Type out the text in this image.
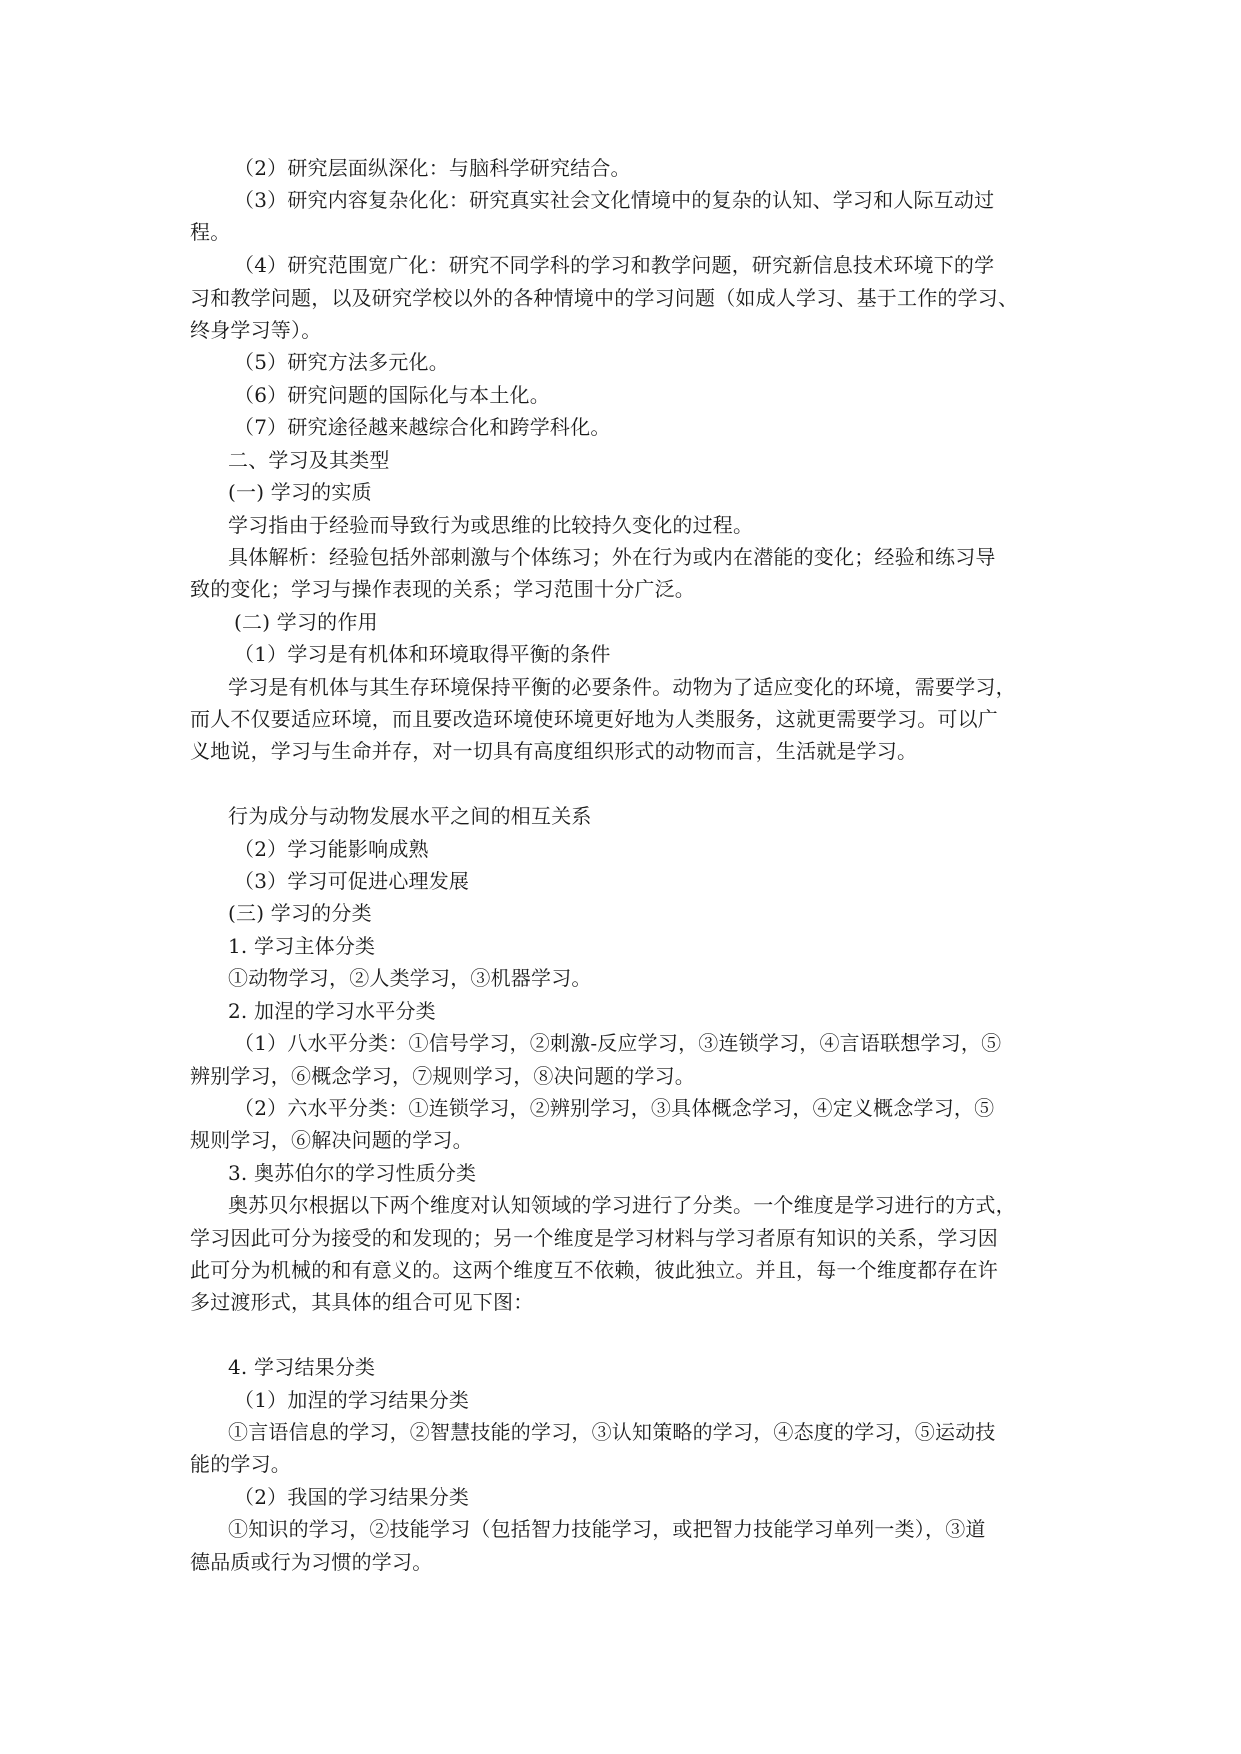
（2）研究层面纵深化：与脑科学研究结合。
（3）研究内容复杂化化：研究真实社会文化情境中的复杂的认知、学习和人际互动过
程。
（4）研究范围宽广化：研究不同学科的学习和教学问题，研究新信息技术环境下的学
习和教学问题，以及研究学校以外的各种情境中的学习问题（如成人学习、基于工作的学习、
终身学习等）。
（5）研究方法多元化。
（6）研究问题的国际化与本土化。
（7）研究途径越来越综合化和跨学科化。
二、学习及其类型
(一) 学习的实质
学习指由于经验而导致行为或思维的比较持久变化的过程。
具体解析：经验包括外部刺激与个体练习；外在行为或内在潜能的变化；经验和练习导
致的变化；学习与操作表现的关系；学习范围十分广泛。
(二) 学习的作用
（1）学习是有机体和环境取得平衡的条件
学习是有机体与其生存环境保持平衡的必要条件。动物为了适应变化的环境，需要学习，
而人不仅要适应环境，而且要改造环境使环境更好地为人类服务，这就更需要学习。可以广
义地说，学习与生命并存，对一切具有高度组织形式的动物而言，生活就是学习。
行为成分与动物发展水平之间的相互关系
（2）学习能影响成熟
（3）学习可促进心理发展
(三) 学习的分类
1. 学习主体分类
①动物学习，②人类学习，③机器学习。
2. 加涅的学习水平分类
（1）八水平分类：①信号学习，②刺激-反应学习，③连锁学习，④言语联想学习，⑤
辨别学习，⑥概念学习，⑦规则学习，⑧决问题的学习。
（2）六水平分类：①连锁学习，②辨别学习，③具体概念学习，④定义概念学习，⑤
规则学习，⑥解决问题的学习。
3. 奥苏伯尔的学习性质分类
奥苏贝尔根据以下两个维度对认知领域的学习进行了分类。一个维度是学习进行的方式，
学习因此可分为接受的和发现的；另一个维度是学习材料与学习者原有知识的关系，学习因
此可分为机械的和有意义的。这两个维度互不依赖，彼此独立。并且，每一个维度都存在许
多过渡形式，其具体的组合可见下图：
4. 学习结果分类
（1）加涅的学习结果分类
①言语信息的学习，②智慧技能的学习，③认知策略的学习，④态度的学习，⑤运动技
能的学习。
（2）我国的学习结果分类
①知识的学习，②技能学习（包括智力技能学习，或把智力技能学习单列一类），③道
德品质或行为习惯的学习。
